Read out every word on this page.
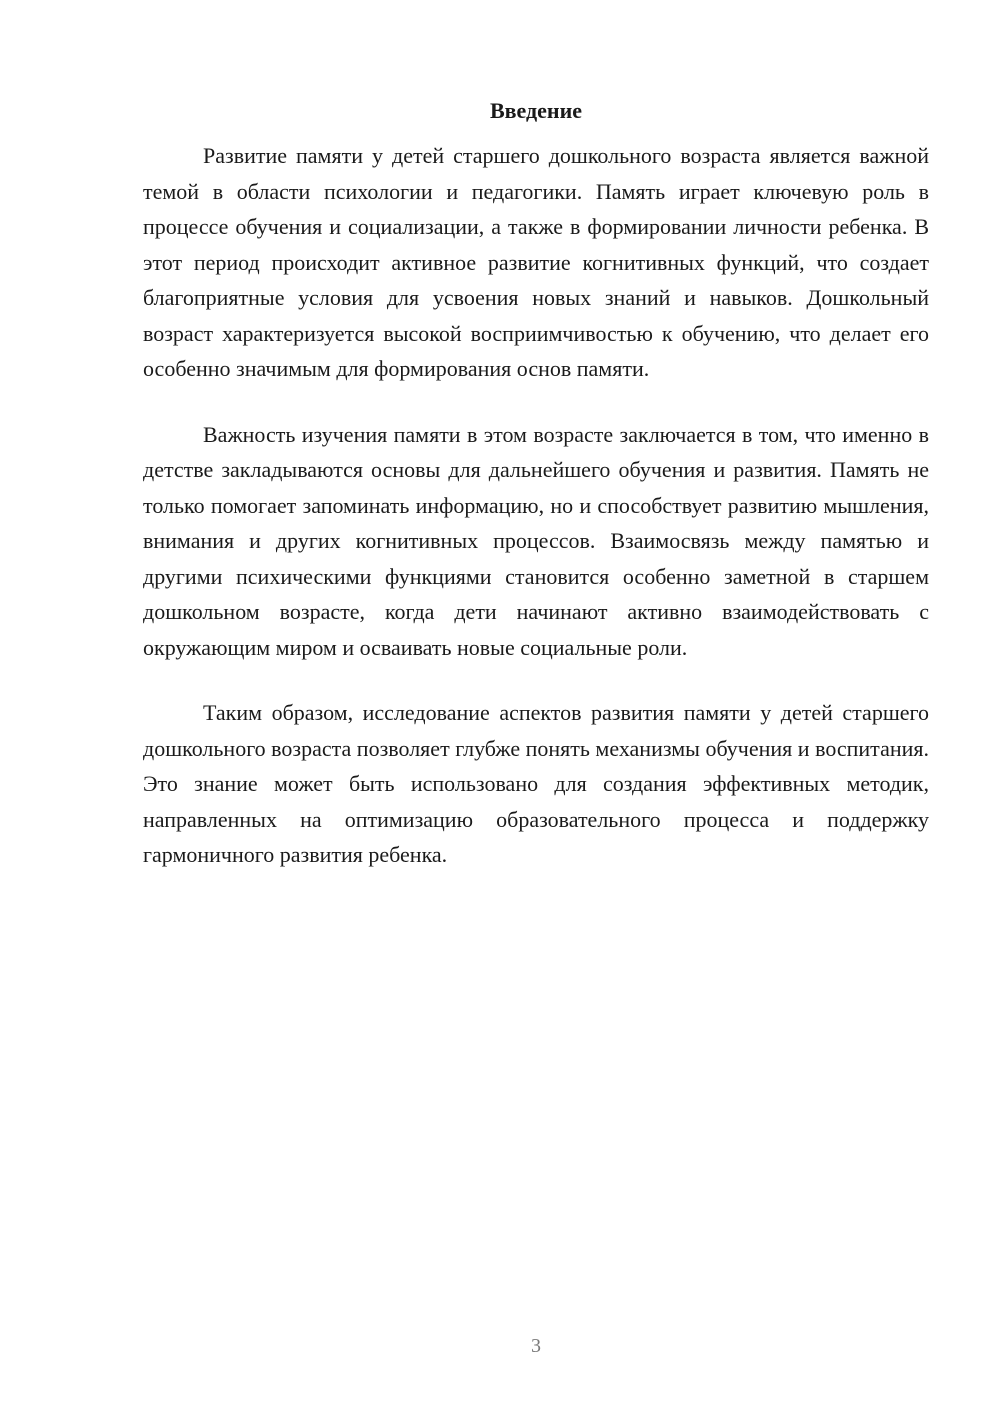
Введение

Развитие памяти у детей старшего дошкольного возраста является важной темой в области психологии и педагогики. Память играет ключевую роль в процессе обучения и социализации, а также в формировании личности ребенка. В этот период происходит активное развитие когнитивных функций, что создает благоприятные условия для усвоения новых знаний и навыков. Дошкольный возраст характеризуется высокой восприимчивостью к обучению, что делает его особенно значимым для формирования основ памяти.

Важность изучения памяти в этом возрасте заключается в том, что именно в детстве закладываются основы для дальнейшего обучения и развития. Память не только помогает запоминать информацию, но и способствует развитию мышления, внимания и других когнитивных процессов. Взаимосвязь между памятью и другими психическими функциями становится особенно заметной в старшем дошкольном возрасте, когда дети начинают активно взаимодействовать с окружающим миром и осваивать новые социальные роли.

Таким образом, исследование аспектов развития памяти у детей старшего дошкольного возраста позволяет глубже понять механизмы обучения и воспитания. Это знание может быть использовано для создания эффективных методик, направленных на оптимизацию образовательного процесса и поддержку гармоничного развития ребенка.

3
